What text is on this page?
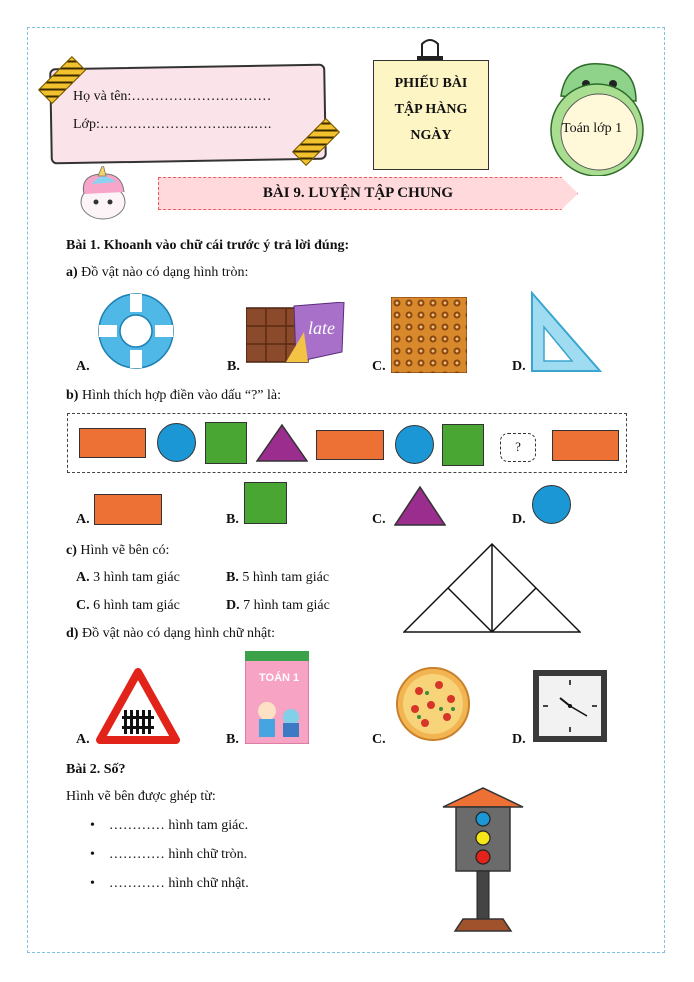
Họ và tên:…………………………
Lớp:………………………..…..….
PHIẾU BÀI
TẬP HÀNG
NGÀY	Toán lớp 1
BÀI 9. LUYỆN TẬP CHUNG
Bài 1. Khoanh vào chữ cái trước ý trả lời đúng:
a) Đồ vật nào có dạng hình tròn:
A.
late
B.	C.	D.
b) Hình thích hợp điền vào dấu “?” là:
?
A.	B.	C.	D.
c) Hình vẽ bên có:
A. 3 hình tam giác	B. 5 hình tam giác
C. 6 hình tam giác	D. 7 hình tam giác
d) Đồ vật nào có dạng hình chữ nhật:
A.
TOÁN 1
B.	C.	D.
Bài 2. Số?
Hình vẽ bên được ghép từ:
• ………… hình tam giác.
• ………… hình chữ tròn.
• ………… hình chữ nhật.
